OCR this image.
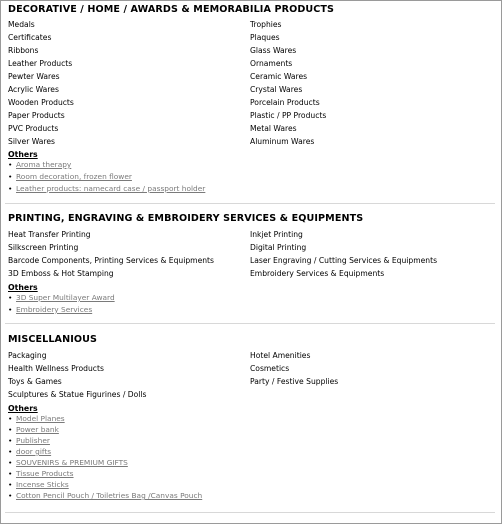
DECORATIVE / HOME / AWARDS & MEMORABILIA PRODUCTS
Medals
Certificates
Ribbons
Leather Products
Pewter Wares
Acrylic Wares
Wooden Products
Paper Products
PVC Products
Silver Wares
Trophies
Plaques
Glass Wares
Ornaments
Ceramic Wares
Crystal Wares
Porcelain Products
Plastic / PP Products
Metal Wares
Aluminum Wares
Others
• Aroma therapy
• Room decoration, frozen flower
• Leather products: namecard case / passport holder
PRINTING, ENGRAVING & EMBROIDERY SERVICES & EQUIPMENTS
Heat Transfer Printing
Silkscreen Printing
Barcode Components, Printing Services & Equipments
3D Emboss & Hot Stamping
Inkjet Printing
Digital Printing
Laser Engraving / Cutting Services & Equipments
Embroidery Services & Equipments
Others
• 3D Super Multilayer Award
• Embroidery Services
MISCELLANIOUS
Packaging
Health Wellness Products
Toys & Games
Sculptures & Statue Figurines / Dolls
Hotel Amenities
Cosmetics
Party / Festive Supplies
Others
• Model Planes
• Power bank
• Publisher
• door gifts
• SOUVENIRS & PREMIUM GIFTS
• Tissue Products
• Incense Sticks
• Cotton Pencil Pouch / Toiletries Bag /Canvas Pouch
